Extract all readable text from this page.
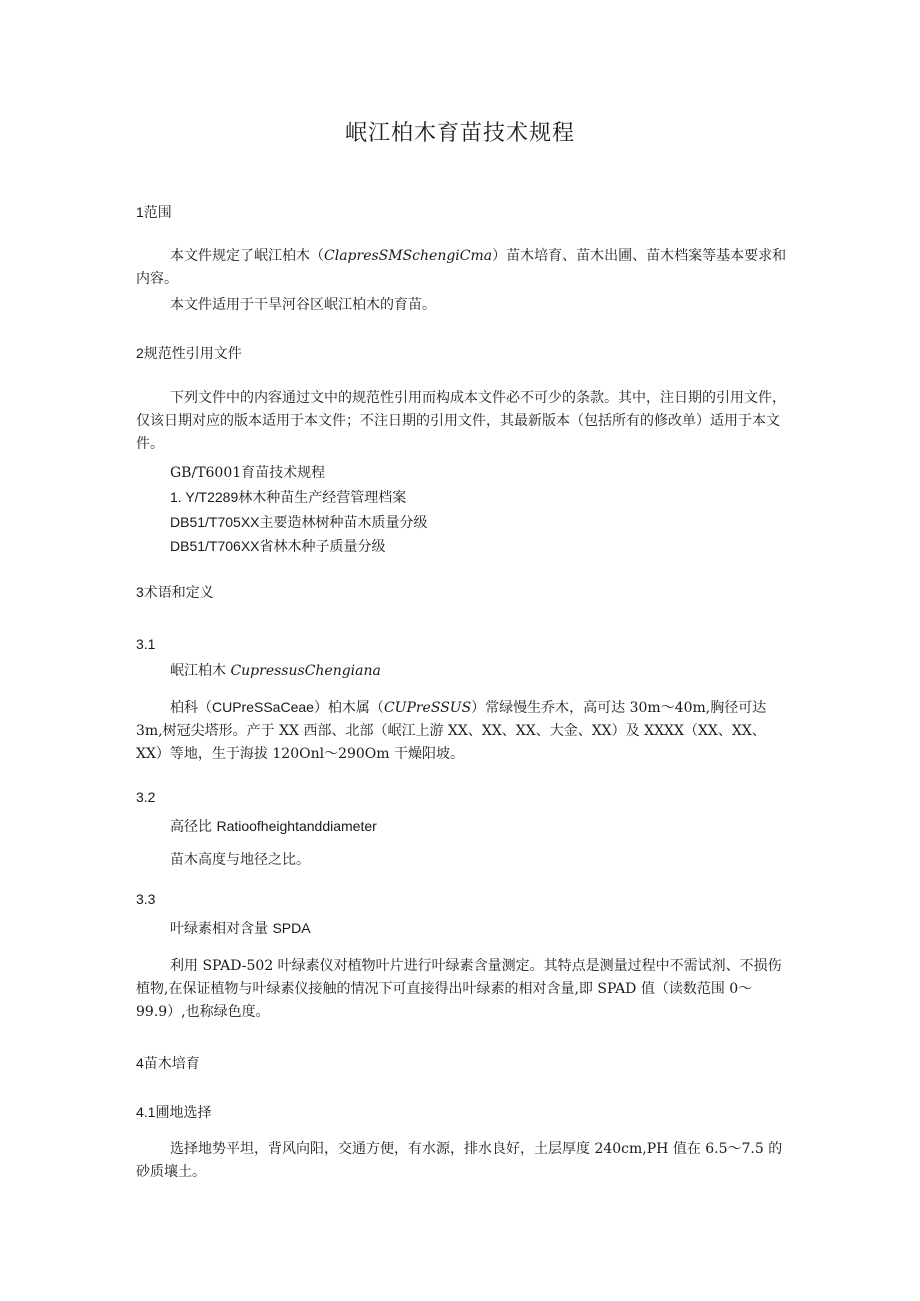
岷江柏木育苗技术规程
1范围
本文件规定了岷江柏木（ClapresSMSchengiCma）苗木培育、苗木出圃、苗木档案等基本要求和内容。
本文件适用于干旱河谷区岷江柏木的育苗。
2规范性引用文件
下列文件中的内容通过文中的规范性引用而构成本文件必不可少的条款。其中，注日期的引用文件，仅该日期对应的版本适用于本文件；不注日期的引用文件，其最新版本（包括所有的修改单）适用于本文件。
GB/T6001育苗技术规程
1. Y/T2289林木种苗生产经营管理档案
DB51/T705XX主要造林树种苗木质量分级
DB51/T706XX省林木种子质量分级
3术语和定义
3.1
岷江柏木 CupressusChengiana
柏科（CUPreSSaCeae）柏木属（CUPreSSUS）常绿慢生乔木，高可达 30m～40m,胸径可达 3m,树冠尖塔形。产于 XX 西部、北部（岷江上游 XX、XX、XX、大金、XX）及 XXXX（XX、XX、XX）等地，生于海拔 120Onl～290Om 干燥阳坡。
3.2
高径比 Ratioofheightanddiameter
苗木高度与地径之比。
3.3
叶绿素相对含量 SPDA
利用 SPAD-502 叶绿素仪对植物叶片进行叶绿素含量测定。其特点是测量过程中不需试剂、不损伤植物,在保证植物与叶绿素仪接触的情况下可直接得出叶绿素的相对含量,即 SPAD 值（读数范围 0～99.9）,也称绿色度。
4苗木培育
4.1圃地选择
选择地势平坦，背风向阳，交通方便，有水源，排水良好，土层厚度 240cm,PH 值在 6.5～7.5 的砂质壤土。
